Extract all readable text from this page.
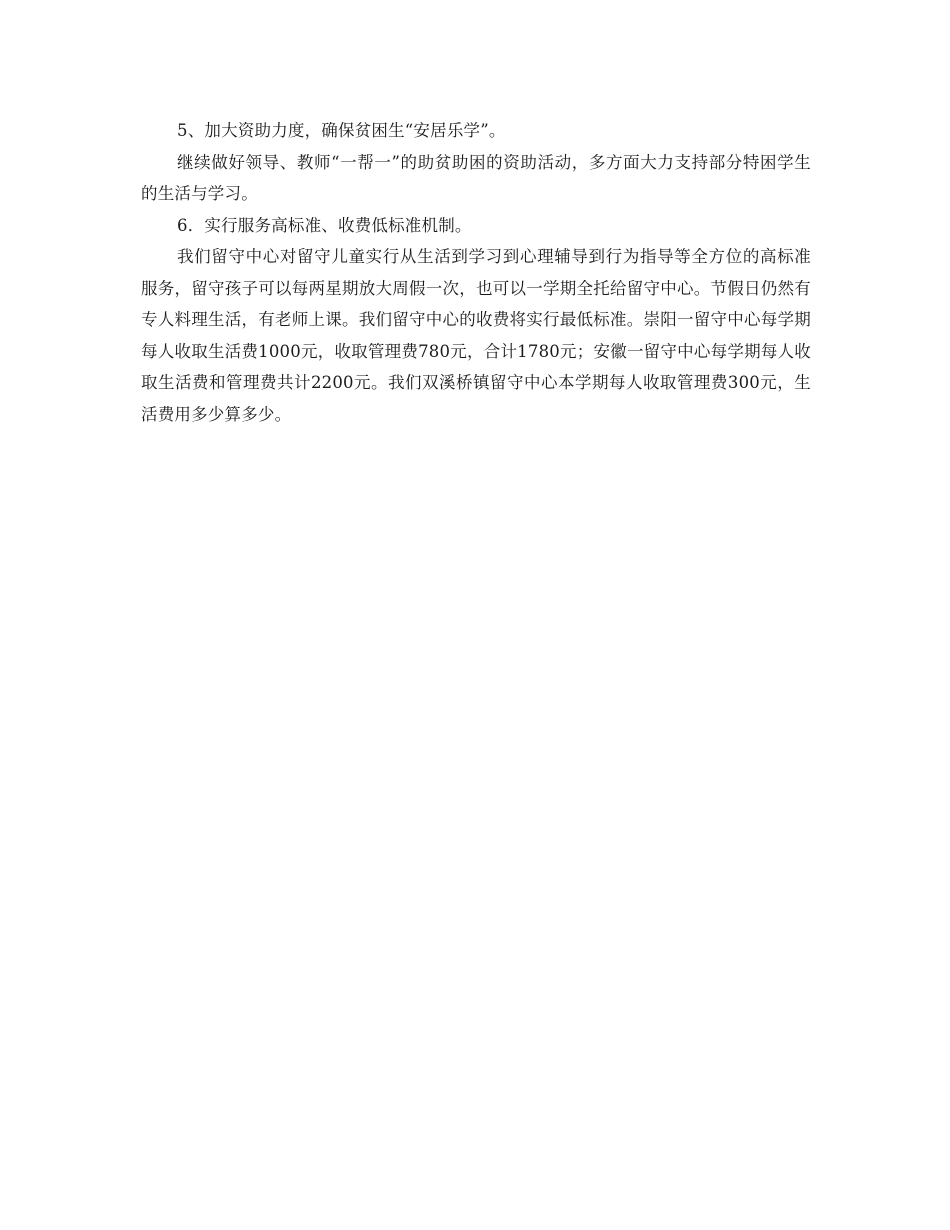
5、加大资助力度，确保贫困生“安居乐学”。

继续做好领导、教师“一帮一”的助贫助困的资助活动，多方面大力支持部分特困学生的生活与学习。

6．实行服务高标准、收费低标准机制。

我们留守中心对留守儿童实行从生活到学习到心理辅导到行为指导等全方位的高标准服务，留守孩子可以每两星期放大周假一次，也可以一学期全托给留守中心。节假日仍然有专人料理生活，有老师上课。我们留守中心的收费将实行最低标准。崇阳一留守中心每学期每人收取生活费1000元，收取管理费780元，合计1780元；安徽一留守中心每学期每人收取生活费和管理费共计2200元。我们双溪桥镇留守中心本学期每人收取管理费300元，生活费用多少算多少。
